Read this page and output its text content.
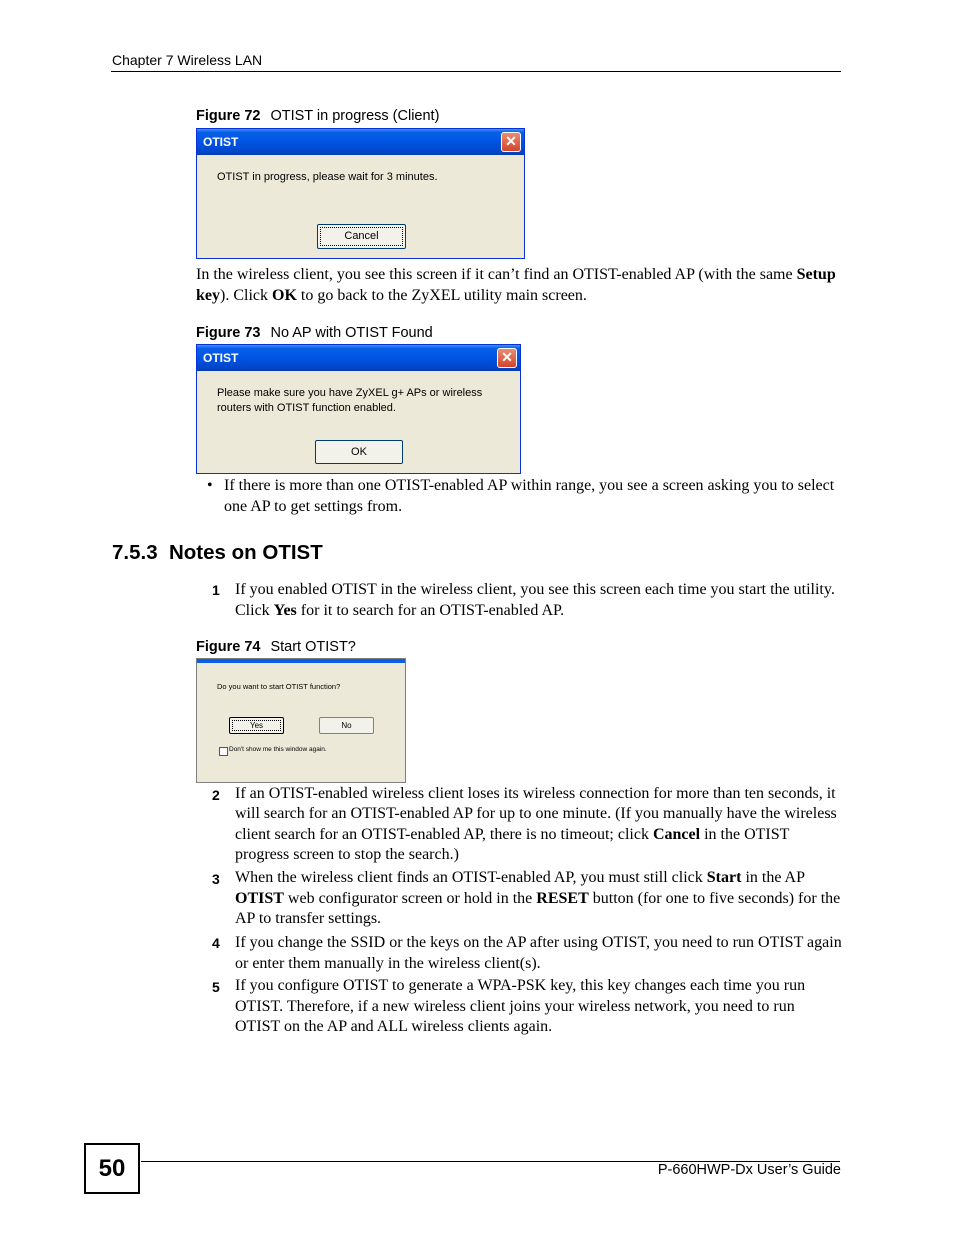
Chapter 7 Wireless LAN
Figure 72 OTIST in progress (Client)
OTIST	✕
OTIST in progress, please wait for 3 minutes.
Cancel
In the wireless client, you see this screen if it can’t find an OTIST-enabled AP (with the same Setup key). Click OK to go back to the ZyXEL utility main screen.
Figure 73 No AP with OTIST Found
OTIST	✕
Please make sure you have ZyXEL g+ APs or wireless
routers with OTIST function enabled.
OK
• If there is more than one OTIST-enabled AP within range, you see a screen asking you to select one AP to get settings from.
7.5.3  Notes on OTIST
1 If you enabled OTIST in the wireless client, you see this screen each time you start the utility. Click Yes for it to search for an OTIST-enabled AP.
Figure 74 Start OTIST?
Do you want to start OTIST function?
Yes	No
Don't show me this window again.
2 If an OTIST-enabled wireless client loses its wireless connection for more than ten seconds, it will search for an OTIST-enabled AP for up to one minute. (If you manually have the wireless client search for an OTIST-enabled AP, there is no timeout; click Cancel in the OTIST progress screen to stop the search.)
3 When the wireless client finds an OTIST-enabled AP, you must still click Start in the AP OTIST web configurator screen or hold in the RESET button (for one to five seconds) for the AP to transfer settings.
4 If you change the SSID or the keys on the AP after using OTIST, you need to run OTIST again or enter them manually in the wireless client(s).
5 If you configure OTIST to generate a WPA-PSK key, this key changes each time you run OTIST. Therefore, if a new wireless client joins your wireless network, you need to run OTIST on the AP and ALL wireless clients again.
50	P-660HWP-Dx User’s Guide
